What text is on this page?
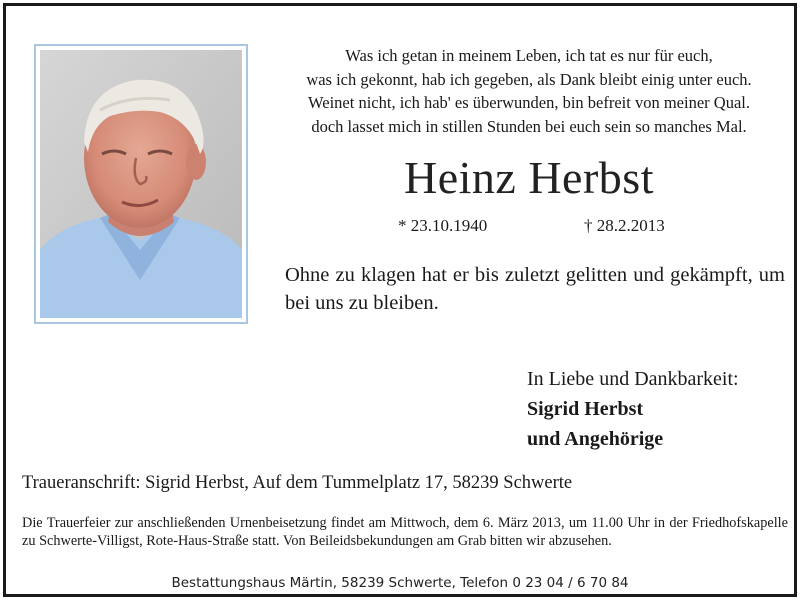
Was ich getan in meinem Leben, ich tat es nur für euch,
was ich gekonnt, hab ich gegeben, als Dank bleibt einig unter euch.
Weinet nicht, ich hab' es überwunden, bin befreit von meiner Qual.
doch lasset mich in stillen Stunden bei euch sein so manches Mal.
Heinz Herbst
* 23.10.1940	† 28.2.2013
Ohne zu klagen hat er bis zuletzt gelitten und gekämpft, um bei uns zu bleiben.
In Liebe und Dankbarkeit:
Sigrid Herbst
und Angehörige
Traueranschrift: Sigrid Herbst, Auf dem Tummelplatz 17, 58239 Schwerte
Die Trauerfeier zur anschließenden Urnenbeisetzung findet am Mittwoch, dem 6. März 2013, um 11.00 Uhr in der Friedhofskapelle zu Schwerte-Villigst, Rote-Haus-Straße statt. Von Beileidsbekundungen am Grab bitten wir abzusehen.
Bestattungshaus Märtin, 58239 Schwerte, Telefon 0 23 04 / 6 70 84
